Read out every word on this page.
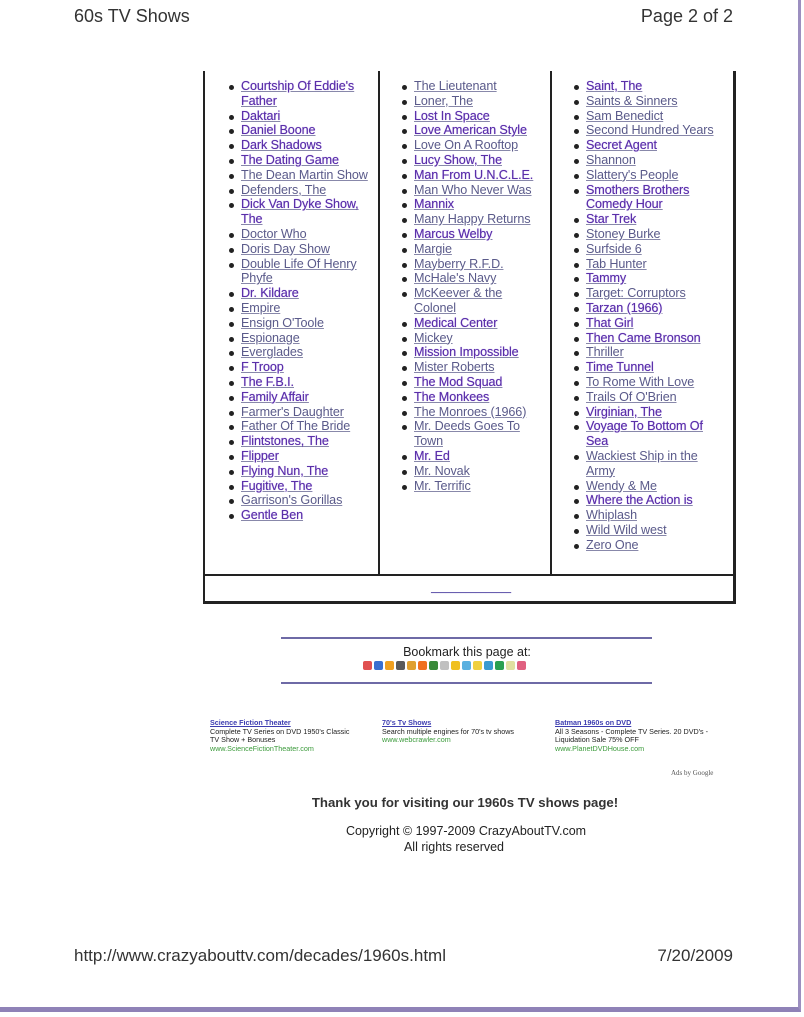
60s TV Shows	Page 2 of 2
Courtship Of Eddie's Father
Daktari
Daniel Boone
Dark Shadows
The Dating Game
The Dean Martin Show
Defenders, The
Dick Van Dyke Show, The
Doctor Who
Doris Day Show
Double Life Of Henry Phyfe
Dr. Kildare
Empire
Ensign O'Toole
Espionage
Everglades
F Troop
The F.B.I.
Family Affair
Farmer's Daughter
Father Of The Bride
Flintstones, The
Flipper
Flying Nun, The
Fugitive, The
Garrison's Gorillas
Gentle Ben
The Lieutenant
Loner, The
Lost In Space
Love American Style
Love On A Rooftop
Lucy Show, The
Man From U.N.C.L.E.
Man Who Never Was
Mannix
Many Happy Returns
Marcus Welby
Margie
Mayberry R.F.D.
McHale's Navy
McKeever & the Colonel
Medical Center
Mickey
Mission Impossible
Mister Roberts
The Mod Squad
The Monkees
The Monroes (1966)
Mr. Deeds Goes To Town
Mr. Ed
Mr. Novak
Mr. Terrific
Saint, The
Saints & Sinners
Sam Benedict
Second Hundred Years
Secret Agent
Shannon
Slattery's People
Smothers Brothers Comedy Hour
Star Trek
Stoney Burke
Surfside 6
Tab Hunter
Tammy
Target: Corruptors
Tarzan (1966)
That Girl
Then Came Bronson
Thriller
Time Tunnel
To Rome With Love
Trails Of O'Brien
Virginian, The
Voyage To Bottom Of Sea
Wackiest Ship in the Army
Wendy & Me
Where the Action is
Whiplash
Wild Wild west
Zero One
________________
Bookmark this page at:
Science Fiction Theater
Complete TV Series on DVD 1950's Classic TV Show + Bonuses
www.ScienceFictionTheater.com
70's Tv Shows
Search multiple engines for 70's tv shows
www.webcrawler.com
Batman 1960s on DVD
All 3 Seasons - Complete TV Series. 20 DVD's - Liquidation Sale 75% OFF
www.PlanetDVDHouse.com
Ads by Google
Thank you for visiting our 1960s TV shows page!
Copyright © 1997-2009 CrazyAboutTV.com
All rights reserved
http://www.crazyabouttv.com/decades/1960s.html	7/20/2009
